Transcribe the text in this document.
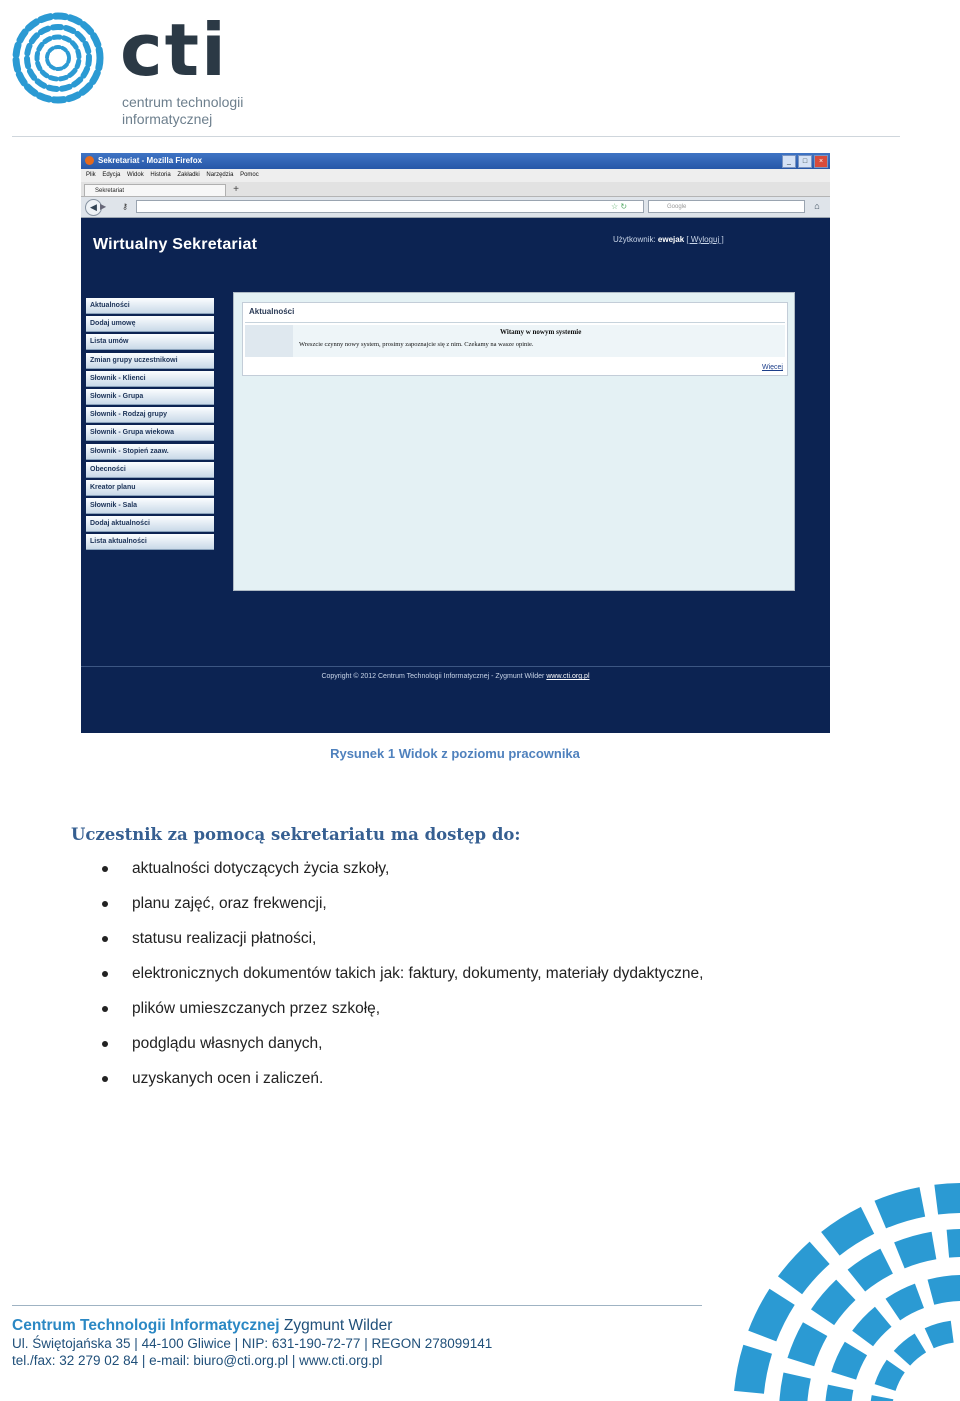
cti
centrum technologii
informatycznej
Sekretariat - Mozilla Firefox	_	□	×
Plik Edycja Widok Historia Zakładki Narzędzia Pomoc
Sekretariat	+
◀ ▶	⚷	☆ ↻	Google	⌂
Wirtualny Sekretariat	Użytkownik: ewejak [ Wyloguj ]
Aktualności
Dodaj umowę
Lista umów
Zmian grupy uczestnikowi
Słownik - Klienci
Słownik - Grupa
Słownik - Rodzaj grupy
Słownik - Grupa wiekowa
Słownik - Stopień zaaw.
Obecności
Kreator planu
Słownik - Sala
Dodaj aktualności
Lista aktualności
Aktualności
Witamy w nowym systemie
Wreszcie czynny nowy system, prosimy zapoznajcie się z nim. Czekamy na wasze opinie.
Więcej
Copyright © 2012 Centrum Technologii Informatycznej - Zygmunt Wilder www.cti.org.pl
Rysunek 1 Widok z poziomu pracownika
Uczestnik za pomocą sekretariatu ma dostęp do:
aktualności dotyczących życia szkoły,
planu zajęć, oraz frekwencji,
statusu realizacji płatności,
elektronicznych dokumentów takich jak: faktury, dokumenty, materiały dydaktyczne,
plików umieszczanych przez szkołę,
podglądu własnych danych,
uzyskanych ocen i zaliczeń.
Centrum Technologii Informatycznej Zygmunt Wilder
Ul. Świętojańska 35 | 44-100 Gliwice | NIP: 631-190-72-77 | REGON 278099141
tel./fax: 32 279 02 84 | e-mail: biuro@cti.org.pl | www.cti.org.pl
